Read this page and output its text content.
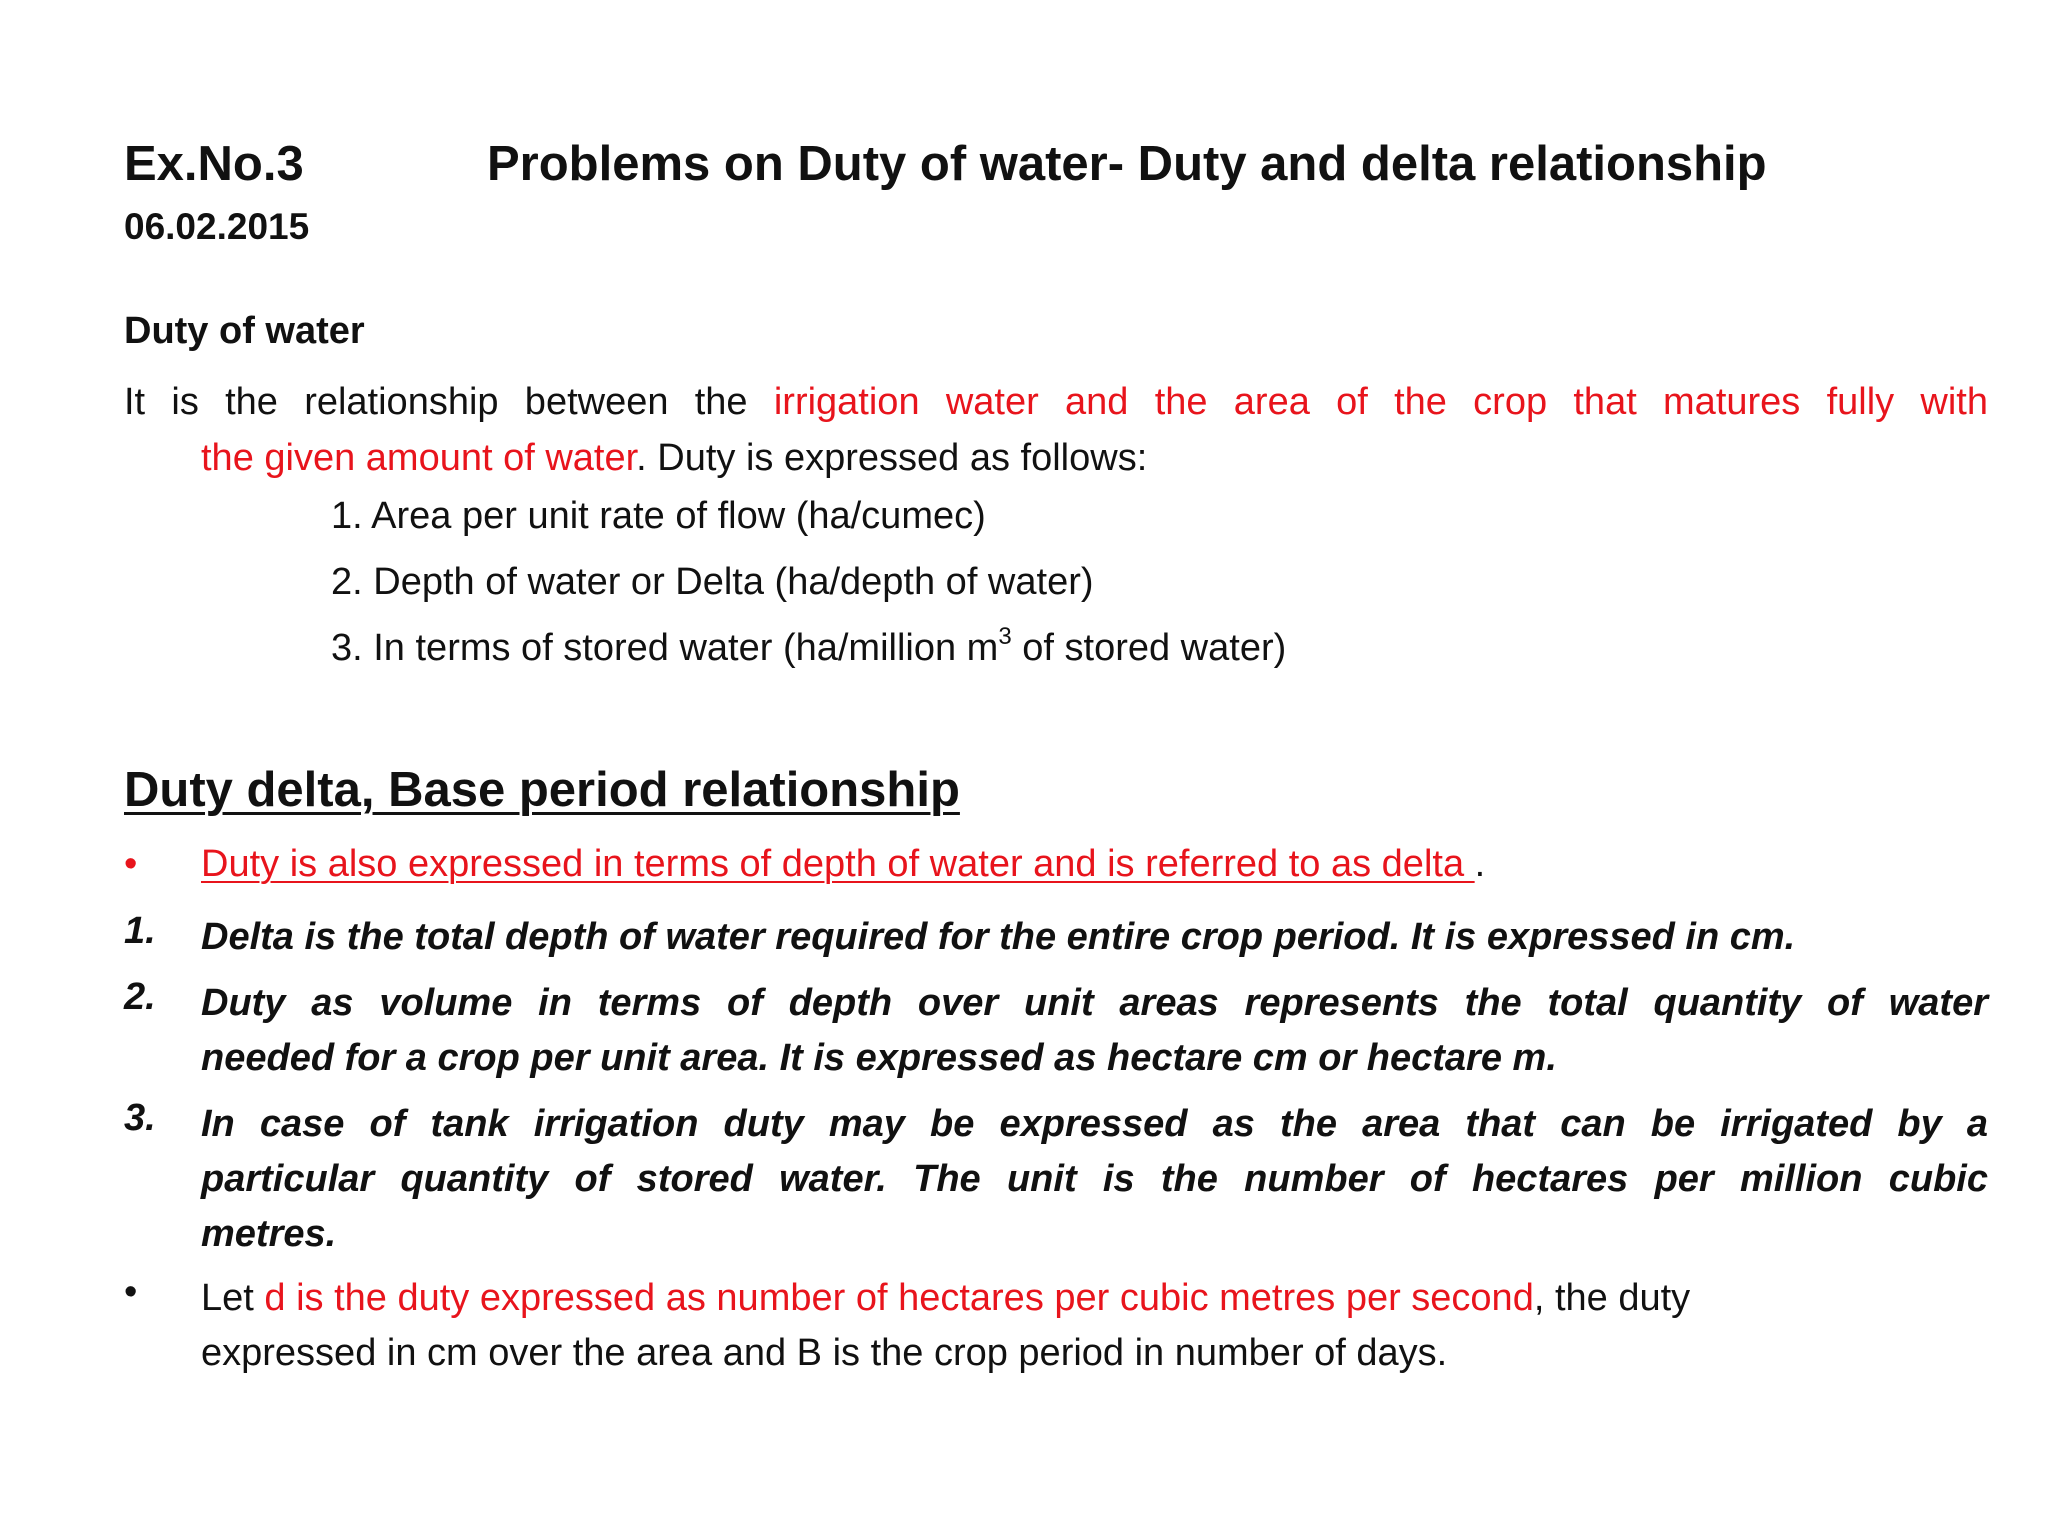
Ex.No.3	Problems on Duty of water- Duty and delta relationship
06.02.2015
Duty of water
It is the relationship between the irrigation water and the area of the crop that matures fully with
the given amount of water. Duty is expressed as follows:
1. Area per unit rate of flow (ha/cumec)
2. Depth of water or Delta (ha/depth of water)
3. In terms of stored water (ha/million $m^3$ of stored water)
Duty delta, Base period relationship
• Duty is also expressed in terms of depth of water and is referred to as delta .
1. Delta is the total depth of water required for the entire crop period. It is expressed in cm.
2. Duty as volume in terms of depth over unit areas represents the total quantity of water
needed for a crop per unit area. It is expressed as hectare cm or hectare m.
3. In case of tank irrigation duty may be expressed as the area that can be irrigated by a
particular quantity of stored water. The unit is the number of hectares per million cubic
metres.
• Let d is the duty expressed as number of hectares per cubic metres per second, the duty
expressed in cm over the area and B is the crop period in number of days.
